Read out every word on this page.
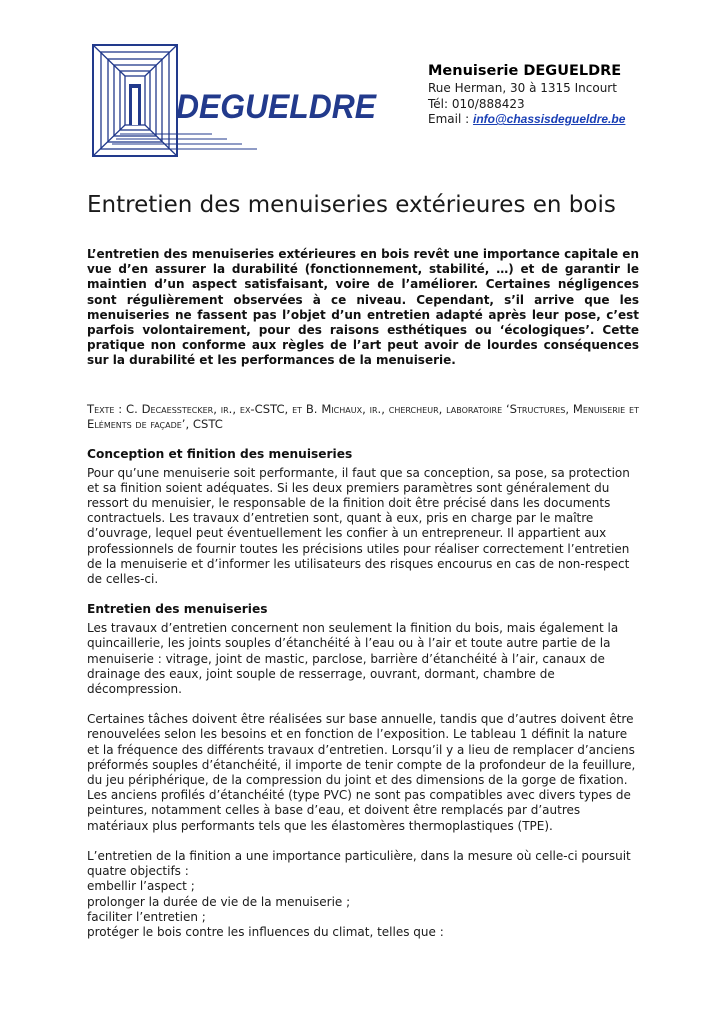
DEGUELDRE
Menuiserie DEGUELDRE
Rue Herman, 30 à 1315 Incourt
Tél: 010/888423
Email : info@chassisdegueldre.be
Entretien des menuiseries extérieures en bois

L’entretien des menuiseries extérieures en bois revêt une importance capitale en vue d’en assurer la durabilité (fonctionnement, stabilité, …) et de garantir le maintien d’un aspect satisfaisant, voire de l’améliorer. Certaines négligences sont régulièrement observées à ce niveau. Cependant, s’il arrive que les menuiseries ne fassent pas l’objet d’un entretien adapté après leur pose, c’est parfois volontairement, pour des raisons esthétiques ou ‘écologiques’. Cette pratique non conforme aux règles de l’art peut avoir de lourdes conséquences sur la durabilité et les performances de la menuiserie.

Texte : C. Decaesstecker, ir., ex-CSTC, et B. Michaux, ir., chercheur, laboratoire ‘Structures, Menuiserie et Eléments de façade’, CSTC

Conception et finition des menuiseries

Pour qu’une menuiserie soit performante, il faut que sa conception, sa pose, sa protection et sa finition soient adéquates. Si les deux premiers paramètres sont généralement du ressort du menuisier, le responsable de la finition doit être précisé dans les documents contractuels. Les travaux d’entretien sont, quant à eux, pris en charge par le maître d’ouvrage, lequel peut éventuellement les confier à un entrepreneur. Il appartient aux professionnels de fournir toutes les précisions utiles pour réaliser correctement l’entretien de la menuiserie et d’informer les utilisateurs des risques encourus en cas de non-respect de celles-ci.

Entretien des menuiseries

Les travaux d’entretien concernent non seulement la finition du bois, mais également la quincaillerie, les joints souples d’étanchéité à l’eau ou à l’air et toute autre partie de la menuiserie : vitrage, joint de mastic, parclose, barrière d’étanchéité à l’air, canaux de drainage des eaux, joint souple de resserrage, ouvrant, dormant, chambre de décompression.

Certaines tâches doivent être réalisées sur base annuelle, tandis que d’autres doivent être renouvelées selon les besoins et en fonction de l’exposition. Le tableau 1 définit la nature et la fréquence des différents travaux d’entretien. Lorsqu’il y a lieu de remplacer d’anciens préformés souples d’étanchéité, il importe de tenir compte de la profondeur de la feuillure, du jeu périphérique, de la compression du joint et des dimensions de la gorge de fixation. Les anciens profilés d’étanchéité (type PVC) ne sont pas compatibles avec divers types de peintures, notamment celles à base d’eau, et doivent être remplacés par d’autres matériaux plus performants tels que les élastomères thermoplastiques (TPE).

L’entretien de la finition a une importance particulière, dans la mesure où celle-ci poursuit quatre objectifs :

embellir l’aspect ;
prolonger la durée de vie de la menuiserie ;
faciliter l’entretien ;
protéger le bois contre les influences du climat, telles que :
